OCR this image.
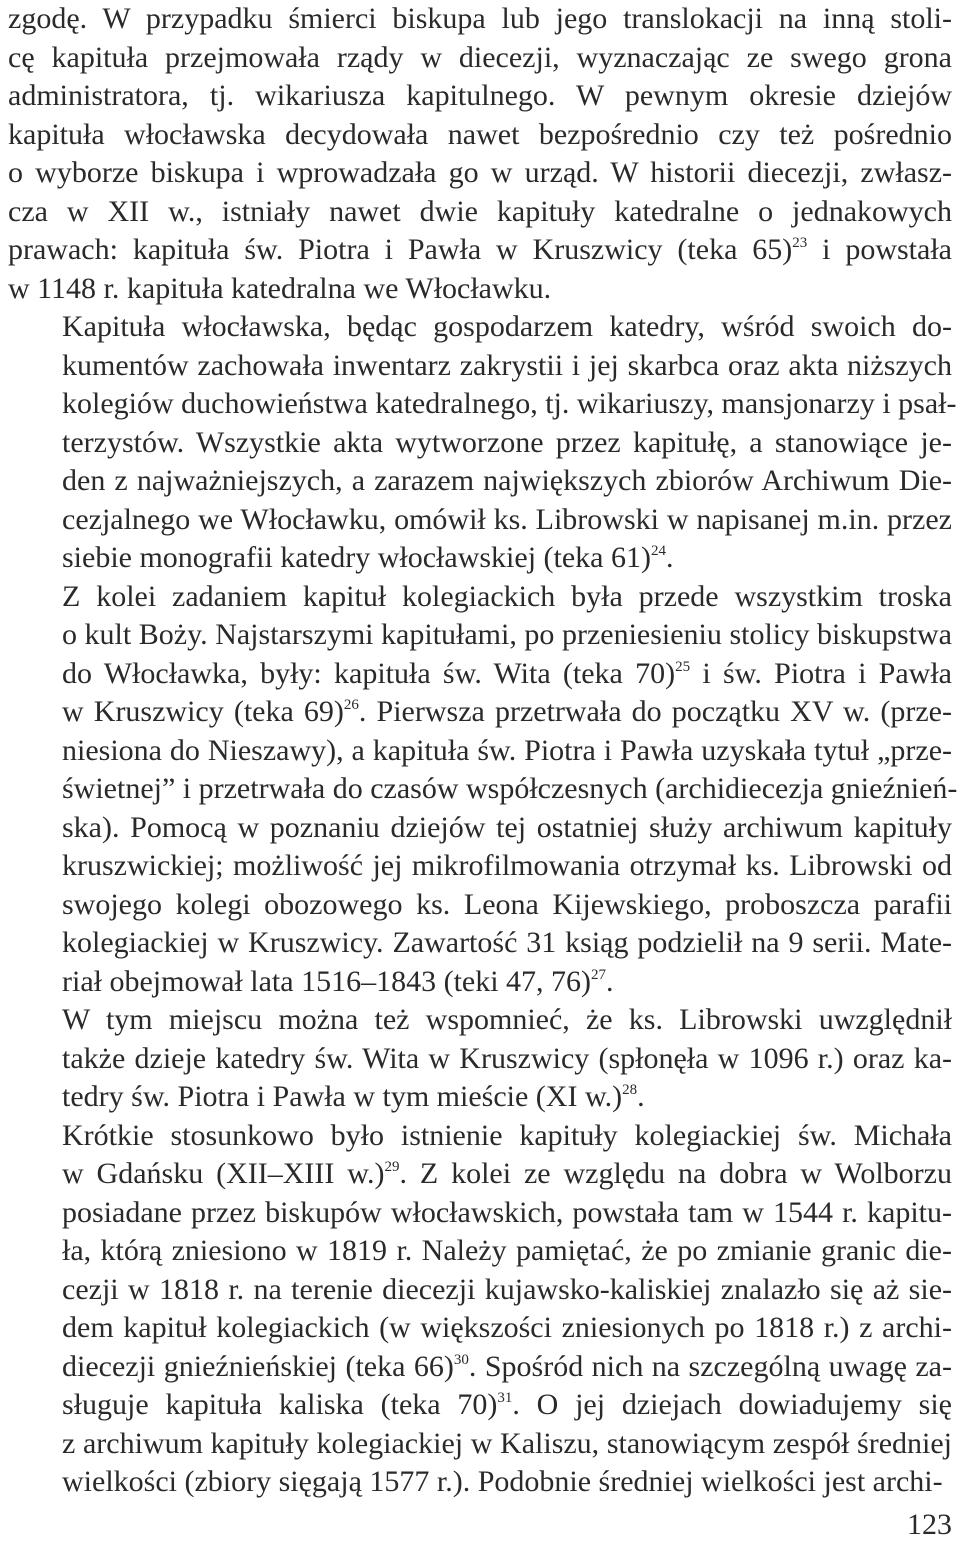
zgodę. W przypadku śmierci biskupa lub jego translokacji na inną stoli-
cę kapituła przejmowała rządy w diecezji, wyznaczając ze swego grona
administratora, tj. wikariusza kapitulnego. W pewnym okresie dziejów
kapituła włocławska decydowała nawet bezpośrednio czy też pośrednio
o wyborze biskupa i wprowadzała go w urząd. W historii diecezji, zwłasz-
cza w XII w., istniały nawet dwie kapituły katedralne o jednakowych
prawach: kapituła św. Piotra i Pawła w Kruszwicy (teka 65)$^{23}$ i powstała
w 1148 r. kapituła katedralna we Włocławku.

Kapituła włocławska, będąc gospodarzem katedry, wśród swoich do-
kumentów zachowała inwentarz zakrystii i jej skarbca oraz akta niższych
kolegiów duchowieństwa katedralnego, tj. wikariuszy, mansjonarzy i psał-
terzystów. Wszystkie akta wytworzone przez kapitułę, a stanowiące je-
den z najważniejszych, a zarazem największych zbiorów Archiwum Die-
cezjalnego we Włocławku, omówił ks. Librowski w napisanej m.in. przez
siebie monografii katedry włocławskiej (teka 61)$^{24}$.

Z kolei zadaniem kapituł kolegiackich była przede wszystkim troska
o kult Boży. Najstarszymi kapitułami, po przeniesieniu stolicy biskupstwa
do Włocławka, były: kapituła św. Wita (teka 70)$^{25}$ i św. Piotra i Pawła
w Kruszwicy (teka 69)$^{26}$. Pierwsza przetrwała do początku XV w. (prze-
niesiona do Nieszawy), a kapituła św. Piotra i Pawła uzyskała tytuł „prze-
świetnej” i przetrwała do czasów współczesnych (archidiecezja gnieźnień-
ska). Pomocą w poznaniu dziejów tej ostatniej służy archiwum kapituły
kruszwickiej; możliwość jej mikrofilmowania otrzymał ks. Librowski od
swojego kolegi obozowego ks. Leona Kijewskiego, proboszcza parafii
kolegiackiej w Kruszwicy. Zawartość 31 ksiąg podzielił na 9 serii. Mate-
riał obejmował lata 1516–1843 (teki 47, 76)$^{27}$.

W tym miejscu można też wspomnieć, że ks. Librowski uwzględnił
także dzieje katedry św. Wita w Kruszwicy (spłonęła w 1096 r.) oraz ka-
tedry św. Piotra i Pawła w tym mieście (XI w.)$^{28}$.

Krótkie stosunkowo było istnienie kapituły kolegiackiej św. Michała
w Gdańsku (XII–XIII w.)$^{29}$. Z kolei ze względu na dobra w Wolborzu
posiadane przez biskupów włocławskich, powstała tam w 1544 r. kapitu-
ła, którą zniesiono w 1819 r. Należy pamiętać, że po zmianie granic die-
cezji w 1818 r. na terenie diecezji kujawsko-kaliskiej znalazło się aż sie-
dem kapituł kolegiackich (w większości zniesionych po 1818 r.) z archi-
diecezji gnieźnieńskiej (teka 66)$^{30}$. Spośród nich na szczególną uwagę za-
sługuje kapituła kaliska (teka 70)$^{31}$. O jej dziejach dowiadujemy się
z archiwum kapituły kolegiackiej w Kaliszu, stanowiącym zespół średniej
wielkości (zbiory sięgają 1577 r.). Podobnie średniej wielkości jest archi-

123
